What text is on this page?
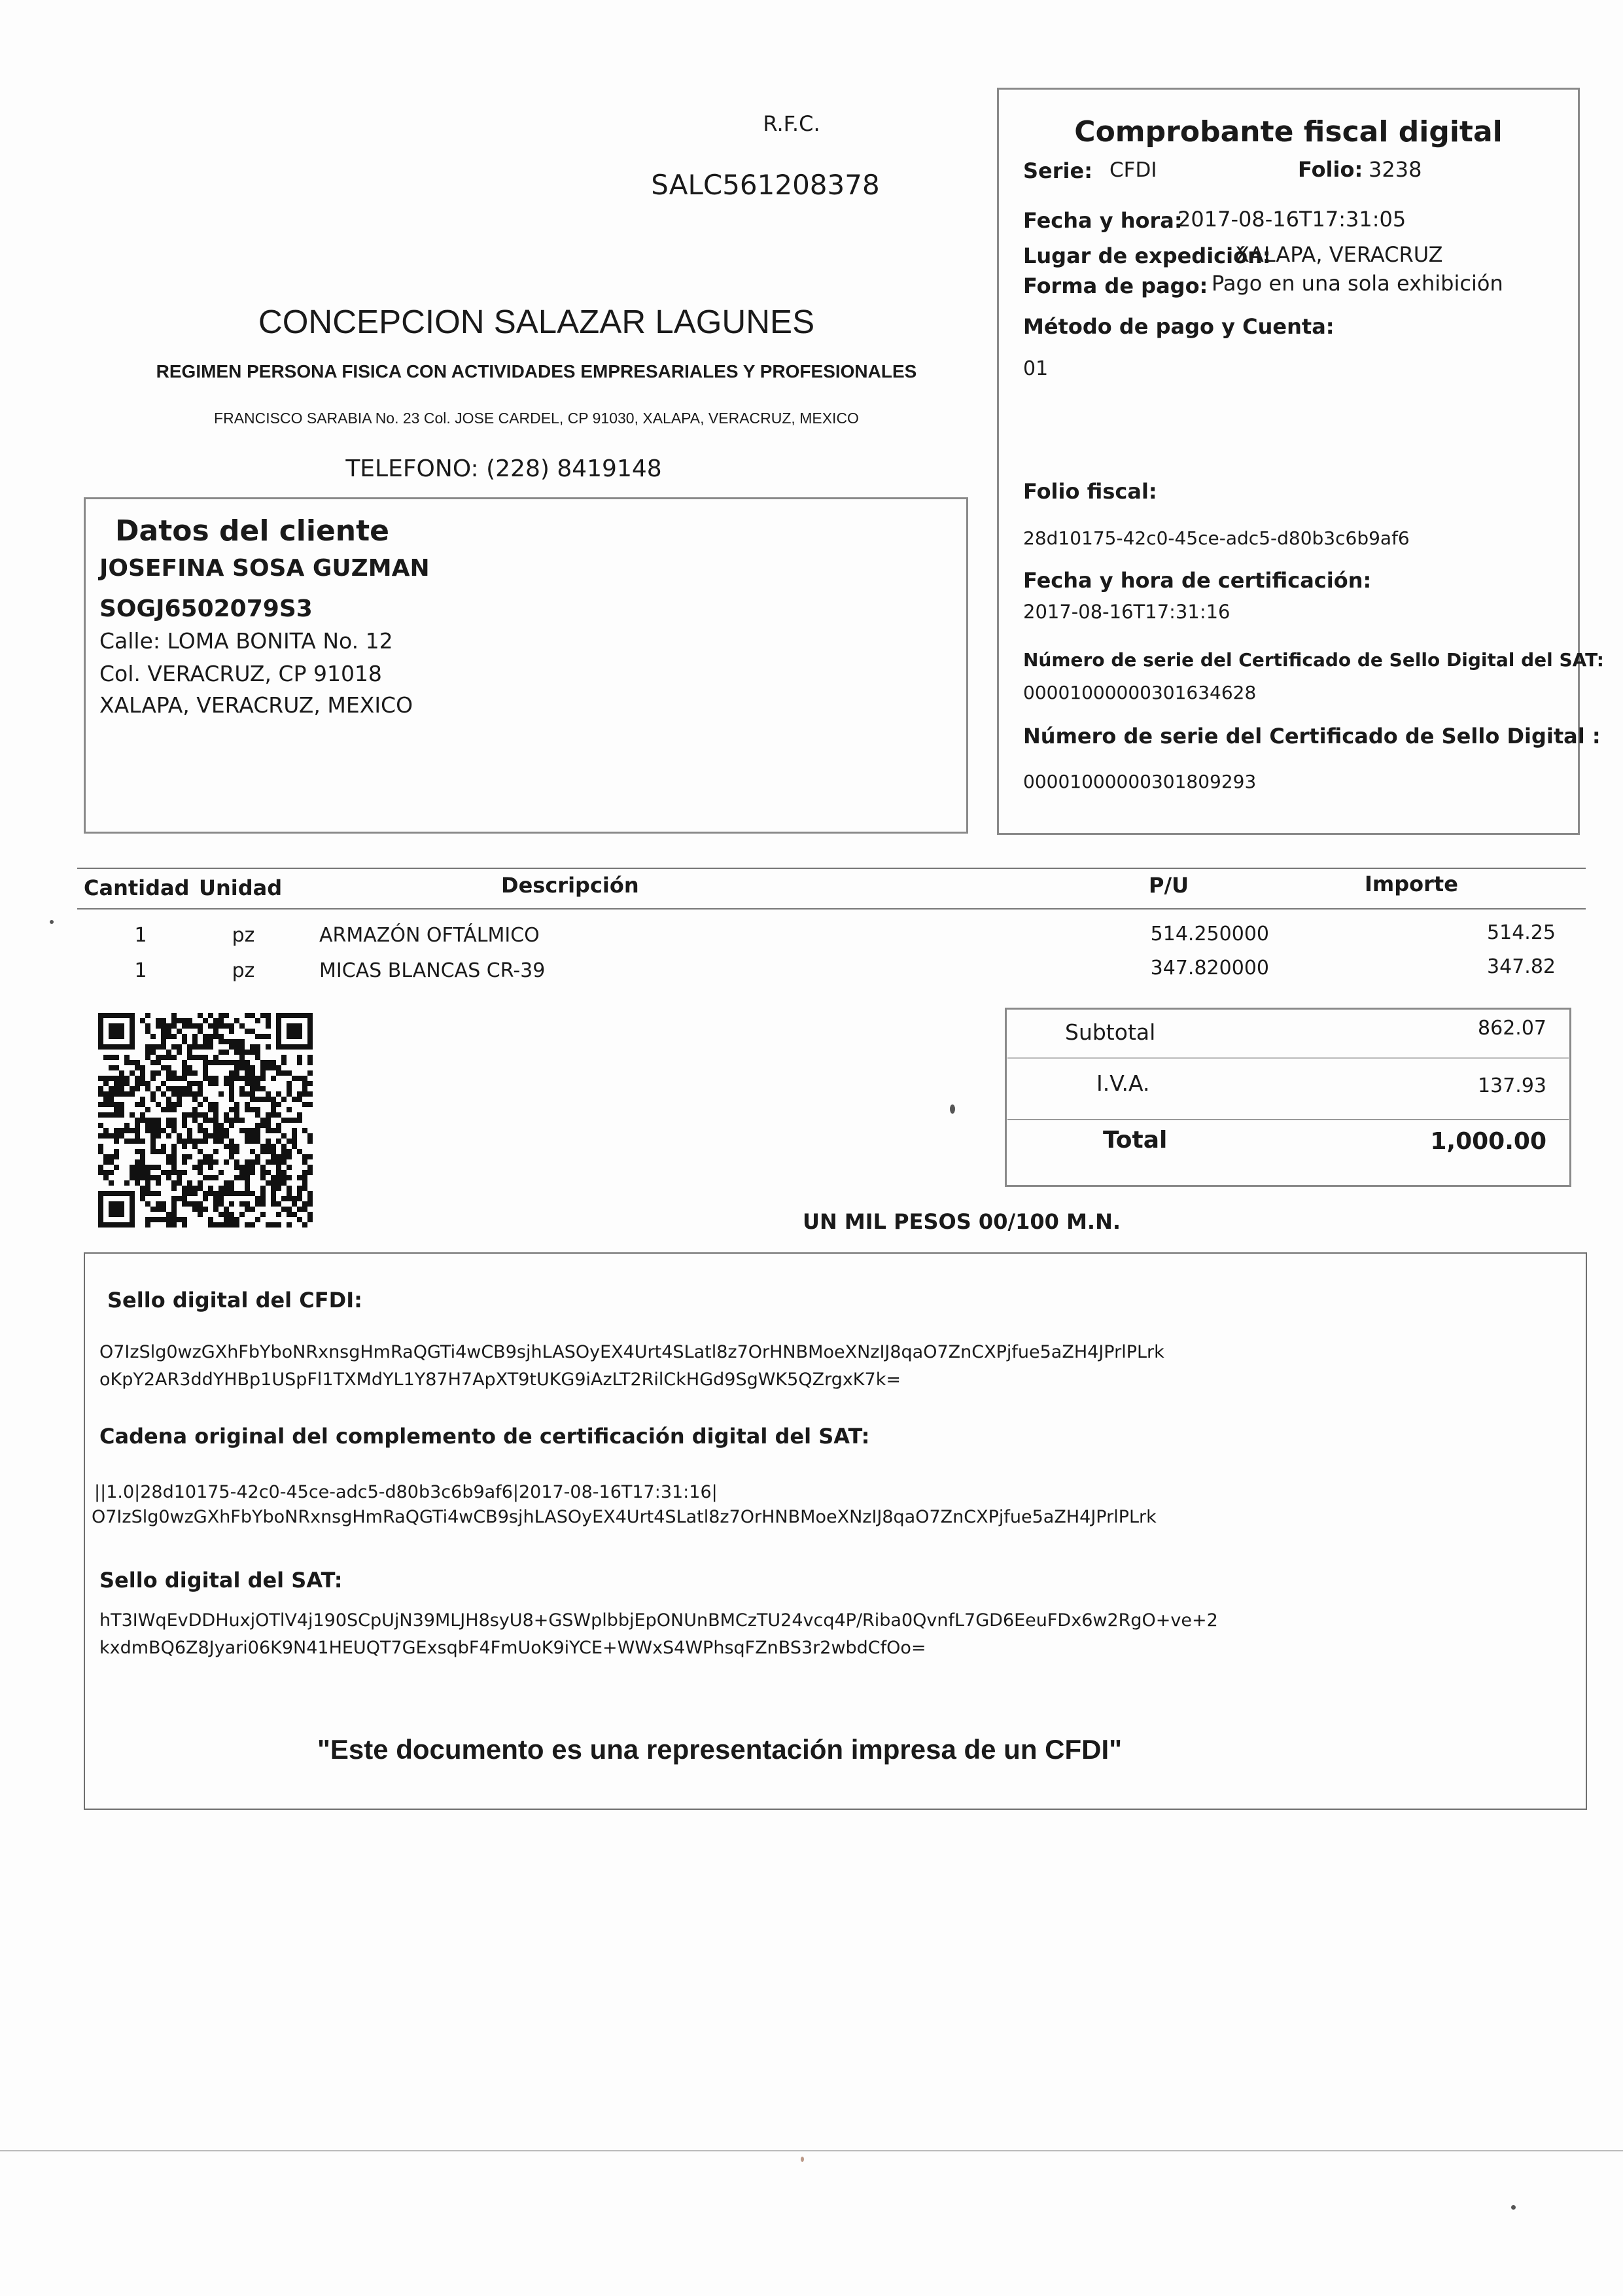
R.F.C.
SALC561208378
CONCEPCION SALAZAR LAGUNES
REGIMEN PERSONA FISICA CON ACTIVIDADES EMPRESARIALES Y PROFESIONALES
FRANCISCO SARABIA No. 23 Col. JOSE CARDEL, CP 91030, XALAPA, VERACRUZ, MEXICO
TELEFONO: (228) 8419148
Comprobante fiscal digital
Serie: CFDI	Folio: 3238
Fecha y hora:
2017-08-16T17:31:05
Lugar de expedición:
XALAPA, VERACRUZ
Forma de pago: Pago en una sola exhibición
Método de pago y Cuenta:
01
Folio fiscal:
28d10175-42c0-45ce-adc5-d80b3c6b9af6
Fecha y hora de certificación:
2017-08-16T17:31:16
Número de serie del Certificado de Sello Digital del SAT:
00001000000301634628
Número de serie del Certificado de Sello Digital :
00001000000301809293
Datos del cliente
JOSEFINA SOSA GUZMAN
SOGJ6502079S3
Calle: LOMA BONITA No. 12
Col. VERACRUZ, CP 91018
XALAPA, VERACRUZ, MEXICO
Cantidad Unidad	Descripción	P/U	Importe
1	pz	ARMAZÓN OFTÁLMICO	514.250000	514.25
1	pz	MICAS BLANCAS CR-39	347.820000	347.82
Subtotal	862.07
I.V.A.	137.93
Total	1,000.00
UN MIL PESOS 00/100 M.N.
Sello digital del CFDI:
O7IzSlg0wzGXhFbYboNRxnsgHmRaQGTi4wCB9sjhLASOyEX4Urt4SLatl8z7OrHNBMoeXNzIJ8qaO7ZnCXPjfue5aZH4JPrlPLrk
oKpY2AR3ddYHBp1USpFl1TXMdYL1Y87H7ApXT9tUKG9iAzLT2RilCkHGd9SgWK5QZrgxK7k=
Cadena original del complemento de certificación digital del SAT:
||1.0|28d10175-42c0-45ce-adc5-d80b3c6b9af6|2017-08-16T17:31:16|
O7IzSlg0wzGXhFbYboNRxnsgHmRaQGTi4wCB9sjhLASOyEX4Urt4SLatl8z7OrHNBMoeXNzIJ8qaO7ZnCXPjfue5aZH4JPrlPLrk
Sello digital del SAT:
hT3IWqEvDDHuxjOTlV4j190SCpUjN39MLJH8syU8+GSWplbbjEpONUnBMCzTU24vcq4P/Riba0QvnfL7GD6EeuFDx6w2RgO+ve+2
kxdmBQ6Z8Jyari06K9N41HEUQT7GExsqbF4FmUoK9iYCE+WWxS4WPhsqFZnBS3r2wbdCfOo=
"Este documento es una representación impresa de un CFDI"
